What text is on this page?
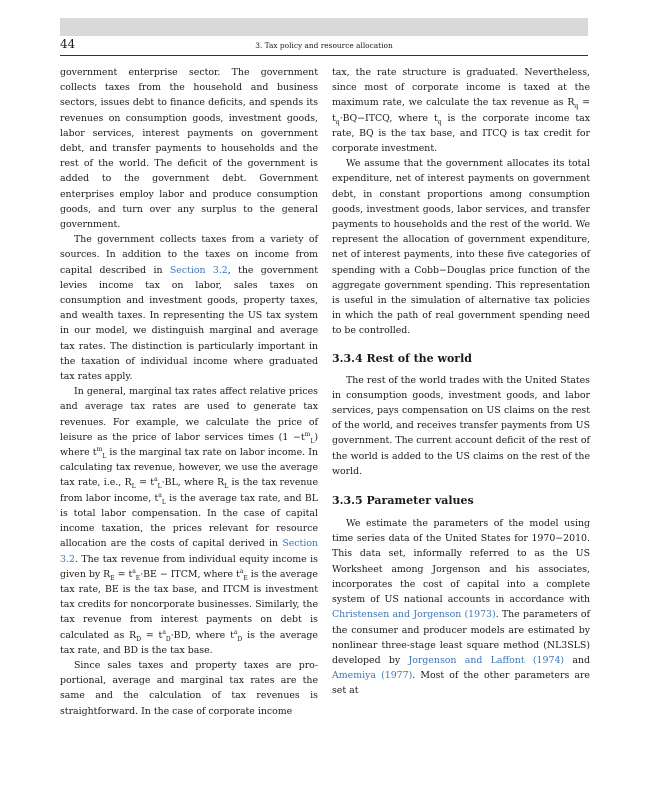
44	3. Tax policy and resource allocation

government enterprise sector. The government collects taxes from the household and business sectors, issues debt to finance deficits, and spends its revenues on consumption goods, investment goods, labor services, interest payments on government debt, and transfer payments to households and the rest of the world. The deficit of the government is added to the government debt. Government enterprises employ labor and produce consumption goods, and turn over any surplus to the general government.

The government collects taxes from a variety of sources. In addition to the taxes on income from capital described in Section 3.2, the government levies income tax on labor, sales taxes on consumption and investment goods, property taxes, and wealth taxes. In representing the US tax system in our model, we distinguish marginal and average tax rates. The distinction is particularly important in the taxation of individual income where graduated tax rates apply.

In general, marginal tax rates affect relative prices and average tax rates are used to generate tax revenues. For example, we calculate the price of leisure as the price of labor services times $(1 -t^m_L)$ where $t^m_L$ is the marginal tax rate on labor income. In calculating tax revenue, however, we use the average tax rate, i.e., $R_L = t^a_L\cdot BL$, where $R_L$ is the tax revenue from labor income, $t^a_L$ is the average tax rate, and BL is total labor compensation. In the case of capital income taxation, the prices relevant for resource allocation are the costs of capital derived in Section 3.2. The tax revenue from individual equity income is given by $R_E = t^a_E\cdot BE$ − ITCM, where $t^a_E$ is the average tax rate, BE is the tax base, and ITCM is investment tax credits for noncorporate businesses. Similarly, the tax revenue from interest payments on debt is calculated as $R_D = t^a_D\cdot BD$, where $t^a_D$ is the average tax rate, and BD is the tax base.

Since sales taxes and property taxes are proportional, average and marginal tax rates are the same and the calculation of tax revenues is straightforward. In the case of corporate income

tax, the rate structure is graduated. Nevertheless, since most of corporate income is taxed at the maximum rate, we calculate the tax revenue as $R_q$ = $t_q\cdot BQ-ITCQ$, where $t_q$ is the corporate income tax rate, BQ is the tax base, and ITCQ is tax credit for corporate investment.

We assume that the government allocates its total expenditure, net of interest payments on government debt, in constant proportions among consumption goods, investment goods, labor services, and transfer payments to households and the rest of the world. We represent the allocation of government expenditure, net of interest payments, into these five categories of spending with a Cobb−Douglas price function of the aggregate government spending. This representation is useful in the simulation of alternative tax policies in which the path of real government spending need to be controlled.

3.3.4 Rest of the world

The rest of the world trades with the United States in consumption goods, investment goods, and labor services, pays compensation on US claims on the rest of the world, and receives transfer payments from US government. The current account deficit of the rest of the world is added to the US claims on the rest of the world.

3.3.5 Parameter values

We estimate the parameters of the model using time series data of the United States for 1970−2010. This data set, informally referred to as the US Worksheet among Jorgenson and his associates, incorporates the cost of capital into a complete system of US national accounts in accordance with Christensen and Jorgenson (1973). The parameters of the consumer and producer models are estimated by nonlinear three-stage least square method (NL3SLS) developed by Jorgenson and Laffont (1974) and Amemiya (1977). Most of the other parameters are set at
